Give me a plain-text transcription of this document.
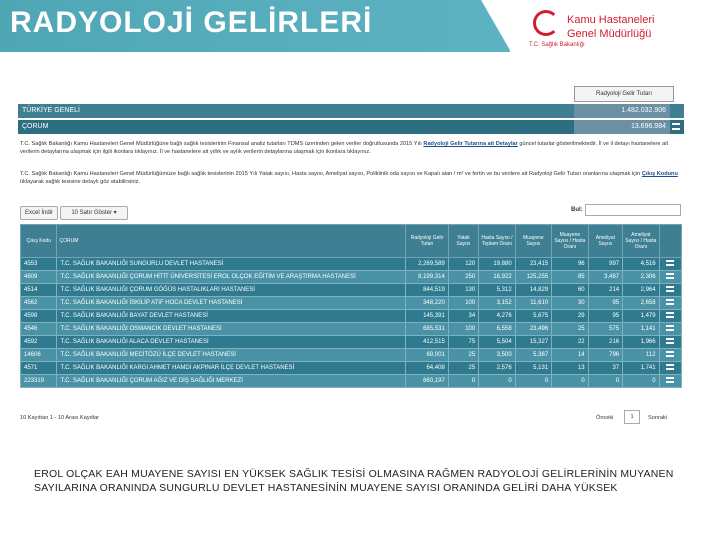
RADYOLOJİ GELİRLERİ	Kamu Hastaneleri
Genel Müdürlüğü
T.C. Sağlık Bakanlığı
Radyoloji Gelir Tutarı
TÜRKİYE GENELİ	1.482.032.906
ÇORUM	13.696.984
T.C. Sağlık Bakanlığı Kamu Hastaneleri Genel Müdürlüğüne bağlı sağlık tesislerinin Finansal analiz tutarları TDMS üzerinden gelen veriler doğrultusunda 2015 Yılı Radyoloji Gelir Tutarına ait Detaylar güncel tutarlar gösterilmektedir. İl ve il detayı hastanelere ait verilerin detaylarına ulaşmak için ilgili ikonlara tıklayınız. İl ve hastanelere ait yıllık ve aylık verilerin detaylarına ulaşmak için ikonlara tıklayınız.
T.C. Sağlık Bakanlığı Kamu Hastaneleri Genel Müdürlüğümüze bağlı sağlık tesislerinin 2015 Yılı Yatak sayısı, Hasta sayısı, Ameliyat sayısı, Poliklinik oda sayısı ve Kapalı alan / m² ve fertin ve bu verilere ait Radyoloji Gelir Tutarı oranlarına ulaşmak için Çıkış Kodunu tıklayarak sağlık tesisine detaylı göz atabilirsiniz.
Excel İndir	10 Satır Göster ▾	Bul:
Çıkış Kodu	ÇORUM	Radyoloji Gelir Tutarı	Yatak Sayısı	Hasta Sayısı / Toplam Oranı	Muayene Sayısı	Muayene Sayısı / Hasta Oranı	Ameliyat Sayısı	Ameliyat Sayısı / Hasta Oranı	
4553	T.C. SAĞLIK BAKANLIĞI SUNGURLU DEVLET HASTANESİ	2,269,589	120	19,880	23,415	96	997	4,516	
4609	T.C. SAĞLIK BAKANLIĞI ÇORUM HİTİT ÜNİVERSİTESİ EROL OLÇOK EĞİTİM VE ARAŞTIRMA HASTANESİ	8,199,314	250	18,922	125,255	85	3,487	2,306	
4514	T.C. SAĞLIK BAKANLIĞI ÇORUM GÖĞÜS HASTALIKLARI HASTANESİ	844,519	130	5,312	14,829	60	214	2,964	
4562	T.C. SAĞLIK BAKANLIĞI İSKİLİP ATIF HOCA DEVLET HASTANESİ	348,220	100	3,152	11,610	30	95	2,658	
4598	T.C. SAĞLIK BAKANLIĞI BAYAT DEVLET HASTANESİ	145,391	34	4,276	5,675	29	95	1,479	
4546	T.C. SAĞLIK BAKANLIĞI OSMANCIK DEVLET HASTANESİ	685,531	100	6,558	23,496	25	575	1,141	
4592	T.C. SAĞLIK BAKANLIĞI ALACA DEVLET HASTANESİ	412,515	75	5,504	15,327	22	216	1,966	
14606	T.C. SAĞLIK BAKANLIĞI MECİTÖZÜ İLÇE DEVLET HASTANESİ	69,001	25	3,500	5,387	14	796	112	
4571	T.C. SAĞLIK BAKANLIĞI KARGI AHMET HAMDİ AKPINAR İLÇE DEVLET HASTANESİ	64,408	25	2,576	5,131	13	37	1,741	
223319	T.C. SAĞLIK BAKANLIĞI ÇORUM AĞIZ VE DİŞ SAĞLIĞI MERKEZİ	660,197	0	0	0	0	0	0	
10 Kayıttan 1 - 10 Arası Kayıtlar	Önceki	1	Sonraki
EROL OLÇAK EAH MUAYENE SAYISI EN YÜKSEK SAĞLIK TESİSİ OLMASINA RAĞMEN RADYOLOJİ GELİRLERİNİN MUYANEN SAYILARINA ORANINDA SUNGURLU DEVLET HASTANESİNİN MUAYENE SAYISI ORANINDA GELİRİ DAHA YÜKSEK
